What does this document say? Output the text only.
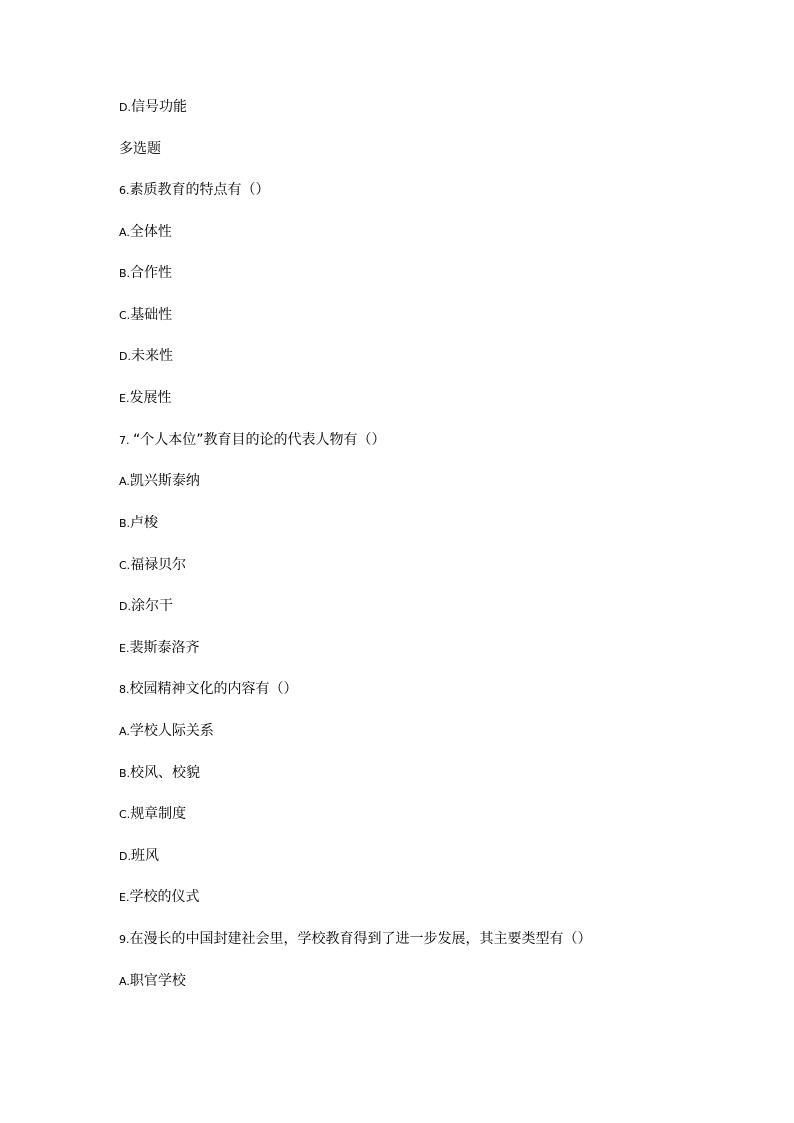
D.信号功能
多选题
6.素质教育的特点有（）
A.全体性
B.合作性
C.基础性
D.未来性
E.发展性
7. “个人本位”教育目的论的代表人物有（）
A.凯兴斯泰纳
B.卢梭
C.福禄贝尔
D.涂尔干
E.裴斯泰洛齐
8.校园精神文化的内容有（）
A.学校人际关系
B.校风、校貌
C.规章制度
D.班风
E.学校的仪式
9.在漫长的中国封建社会里，学校教育得到了进一步发展，其主要类型有（）
A.职官学校
